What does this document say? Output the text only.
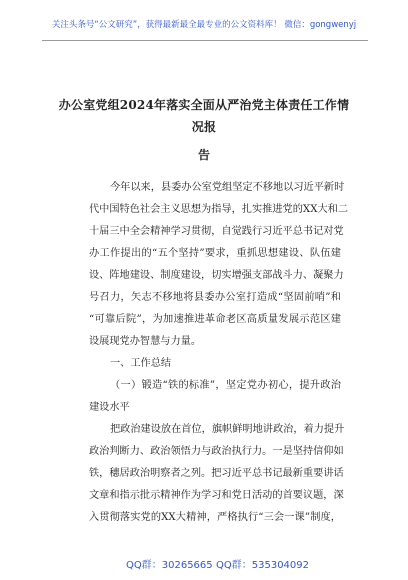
关注头条号“公文研究”，获得最新最全最专业的公文资料库！ 微信：gongwenyj
办公室党组2024年落实全面从严治党主体责任工作情况报
告
今年以来，县委办公室党组坚定不移地以习近平新时
代中国特色社会主义思想为指导，扎实推进党的XX大和二
十届三中全会精神学习贯彻，自觉践行习近平总书记对党
办工作提出的“五个坚持”要求，重抓思想建设、队伍建
设、阵地建设、制度建设，切实增强支部战斗力、凝聚力
号召力，矢志不移地将县委办公室打造成“坚固前哨”和
“可靠后院”，为加速推进革命老区高质量发展示范区建
设展现党办智慧与力量。
一、工作总结
（一）锻造“铁的标准”，坚定党办初心，提升政治
建设水平
把政治建设放在首位，旗帜鲜明地讲政治，着力提升
政治判断力、政治领悟力与政治执行力。一是坚持信仰如
铁，穗居政治明察者之列。把习近平总书记最新重要讲话
文章和指示批示精神作为学习和党日活动的首要议题，深
入贯彻落实党的XX大精神，严格执行“三会一课”制度，
QQ群：30265665 QQ群：535304092
